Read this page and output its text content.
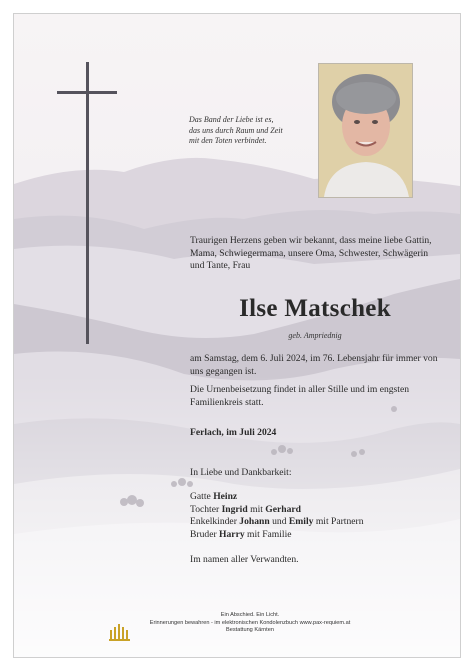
Das Band der Liebe ist es,
das uns durch Raum und Zeit
mit den Toten verbindet.
Traurigen Herzens geben wir bekannt, dass meine liebe Gattin, Mama, Schwiegermama, unsere Oma, Schwester, Schwägerin und Tante, Frau
Ilse Matschek
geb. Ampriednig
am Samstag, dem 6. Juli 2024, im 76. Lebensjahr für immer von uns gegangen ist.
Die Urnenbeisetzung findet in aller Stille und im engsten Familienkreis statt.
Ferlach, im Juli 2024
In Liebe und Dankbarkeit:
Gatte Heinz
Tochter Ingrid mit Gerhard
Enkelkinder Johann und Emily mit Partnern
Bruder Harry mit Familie
Im namen aller Verwandten.
Ein Abschied. Ein Licht.
Erinnerungen bewahren - im elektronischen Kondolenzbuch www.pax-requiem.at
Bestattung Kärnten
